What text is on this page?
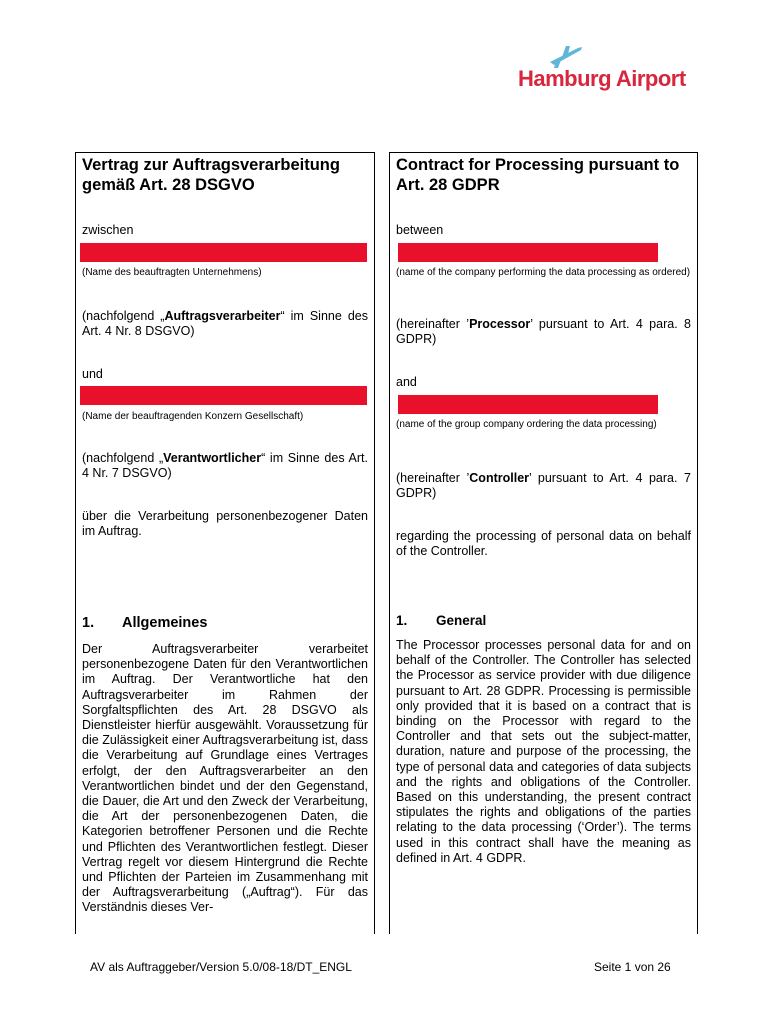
Hamburg Airport
Vertrag zur Auftragsverarbeitung gemäß Art. 28 DSGVO
zwischen
(Name des beauftragten Unternehmens)
(nachfolgend „Auftragsverarbeiter“ im Sinne des Art. 4 Nr. 8 DSGVO)
und
(Name der beauftragenden Konzern Gesellschaft)
(nachfolgend „Verantwortlicher“ im Sinne des Art. 4 Nr. 7 DSGVO)
über die Verarbeitung personenbezogener Daten im Auftrag.
1. Allgemeines
Der Auftragsverarbeiter verarbeitet personenbezogene Daten für den Verantwortlichen im Auftrag. Der Verantwortliche hat den Auftragsverarbeiter im Rahmen der Sorgfaltspflichten des Art. 28 DSGVO als Dienstleister hierfür ausgewählt. Voraussetzung für die Zulässigkeit einer Auftragsverarbeitung ist, dass die Verarbeitung auf Grundlage eines Vertrages erfolgt, der den Auftragsverarbeiter an den Verantwortlichen bindet und der den Gegenstand, die Dauer, die Art und den Zweck der Verarbeitung, die Art der personenbezogenen Daten, die Kategorien betroffener Personen und die Rechte und Pflichten des Verantwortlichen festlegt. Dieser Vertrag regelt vor diesem Hintergrund die Rechte und Pflichten der Parteien im Zusammenhang mit der Auftragsverarbeitung („Auftrag“). Für das Verständnis dieses Ver-
Contract for Processing pursuant to Art. 28 GDPR
between
(name of the company performing the data processing as ordered)
(hereinafter ’Processor’ pursuant to Art. 4 para. 8 GDPR)
and
(name of the group company ordering the data processing)
(hereinafter ’Controller’ pursuant to Art. 4 para. 7 GDPR)
regarding the processing of personal data on behalf of the Controller.
1. General
The Processor processes personal data for and on behalf of the Controller. The Controller has selected the Processor as service provider with due diligence pursuant to Art. 28 GDPR. Processing is permissible only provided that it is based on a contract that is binding on the Processor with regard to the Controller and that sets out the subject-matter, duration, nature and purpose of the processing, the type of personal data and categories of data subjects and the rights and obligations of the Controller. Based on this understanding, the present contract stipulates the rights and obligations of the parties relating to the data processing (‘Order’). The terms used in this contract shall have the meaning as defined in Art. 4 GDPR.
AV als Auftraggeber/Version 5.0/08-18/DT_ENGL	Seite 1 von 26
